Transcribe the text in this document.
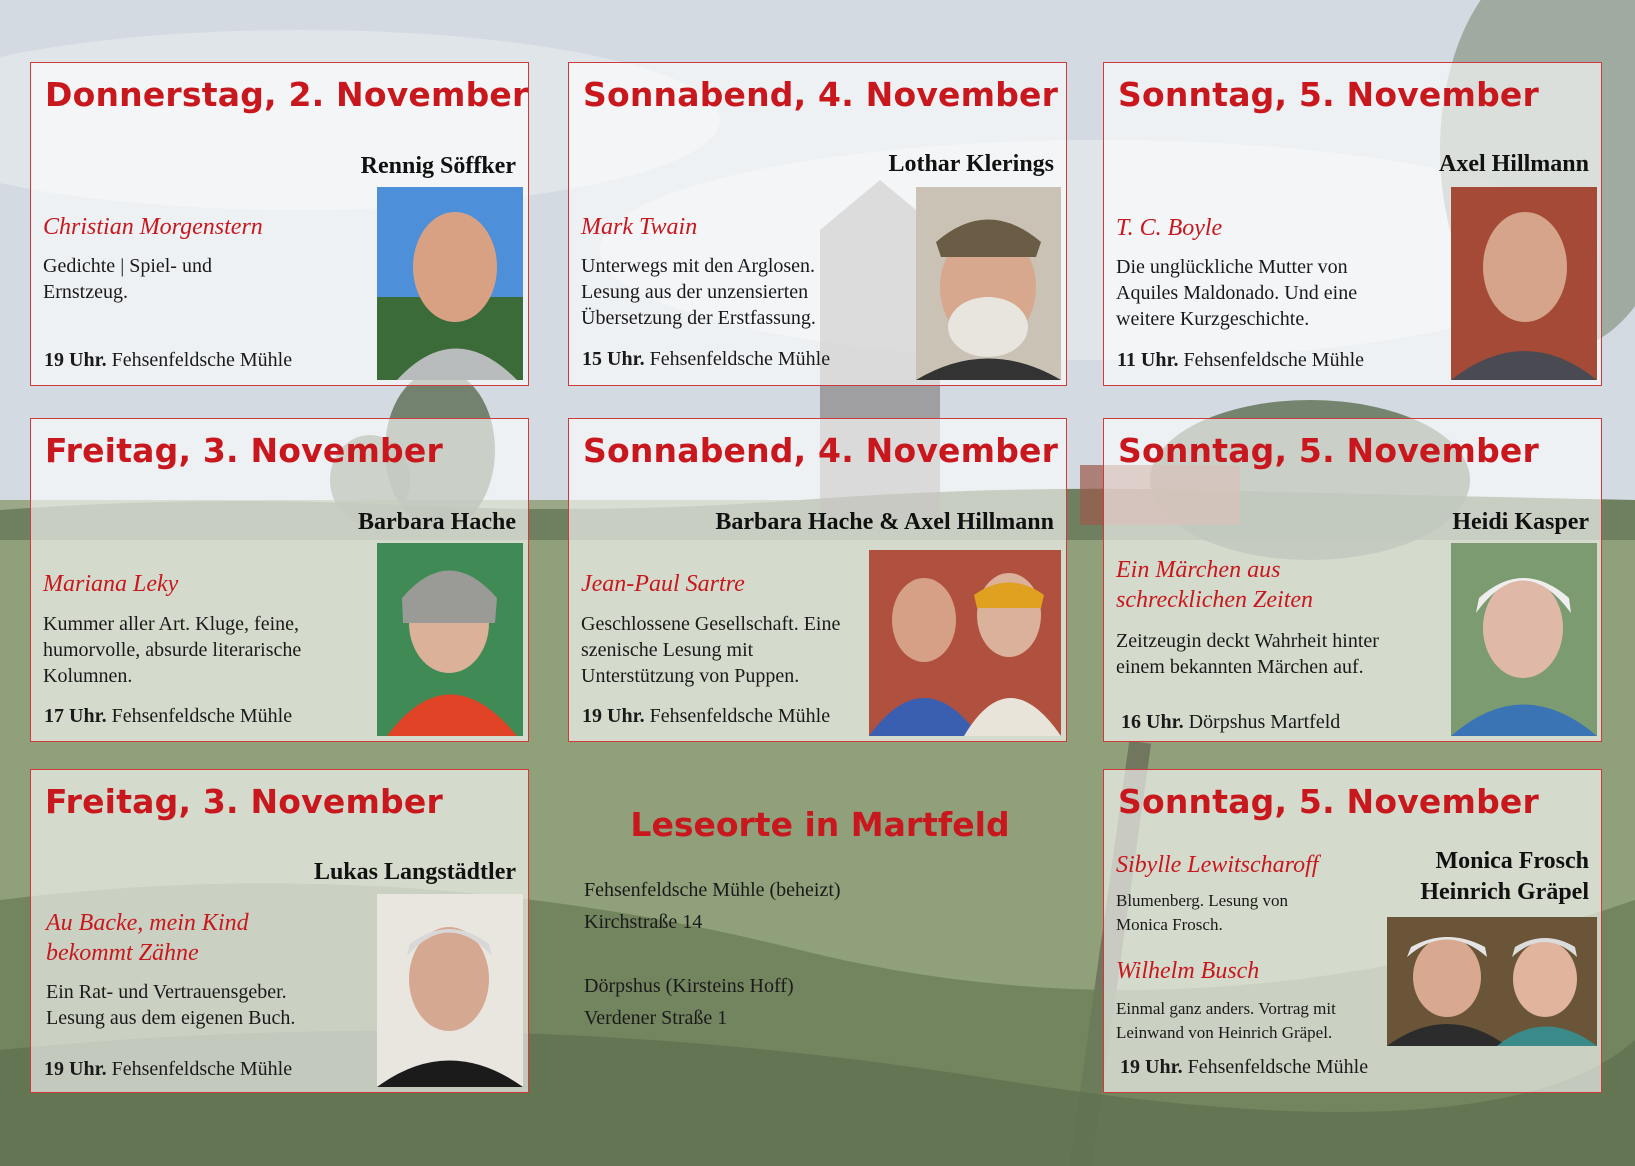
Donnerstag, 2. November
Rennig Söffker
Christian Morgenstern
Gedichte | Spiel- und Ernstzeug.
19 Uhr. Fehsenfeldsche Mühle
Sonnabend, 4. November
Lothar Klerings
Mark Twain
Unterwegs mit den Arglosen. Lesung aus der unzensierten Übersetzung der Erstfassung.
15 Uhr. Fehsenfeldsche Mühle
Sonntag, 5. November
Axel Hillmann
T. C. Boyle
Die unglückliche Mutter von Aquiles Maldonado. Und eine weitere Kurzgeschichte.
11 Uhr. Fehsenfeldsche Mühle
Freitag, 3. November
Barbara Hache
Mariana Leky
Kummer aller Art. Kluge, feine, humorvolle, absurde literarische Kolumnen.
17 Uhr. Fehsenfeldsche Mühle
Sonnabend, 4. November
Barbara Hache & Axel Hillmann
Jean-Paul Sartre
Geschlossene Gesellschaft. Eine szenische Lesung mit Unterstützung von Puppen.
19 Uhr. Fehsenfeldsche Mühle
Sonntag, 5. November
Heidi Kasper
Ein Märchen aus schrecklichen Zeiten
Zeitzeugin deckt Wahrheit hinter einem bekannten Märchen auf.
16 Uhr. Dörpshus Martfeld
Freitag, 3. November
Lukas Langstädtler
Au Backe, mein Kind bekommt Zähne
Ein Rat- und Vertrauensgeber. Lesung aus dem eigenen Buch.
19 Uhr. Fehsenfeldsche Mühle
Leseorte in Martfeld
Fehsenfeldsche Mühle (beheizt)
Kirchstraße 14
Dörpshus (Kirsteins Hoff)
Verdener Straße 1
Sonntag, 5. November
Monica Frosch
Heinrich Gräpel
Sibylle Lewitscharoff
Blumenberg. Lesung von Monica Frosch.
Wilhelm Busch
Einmal ganz anders. Vortrag mit Leinwand von Heinrich Gräpel.
19 Uhr. Fehsenfeldsche Mühle
